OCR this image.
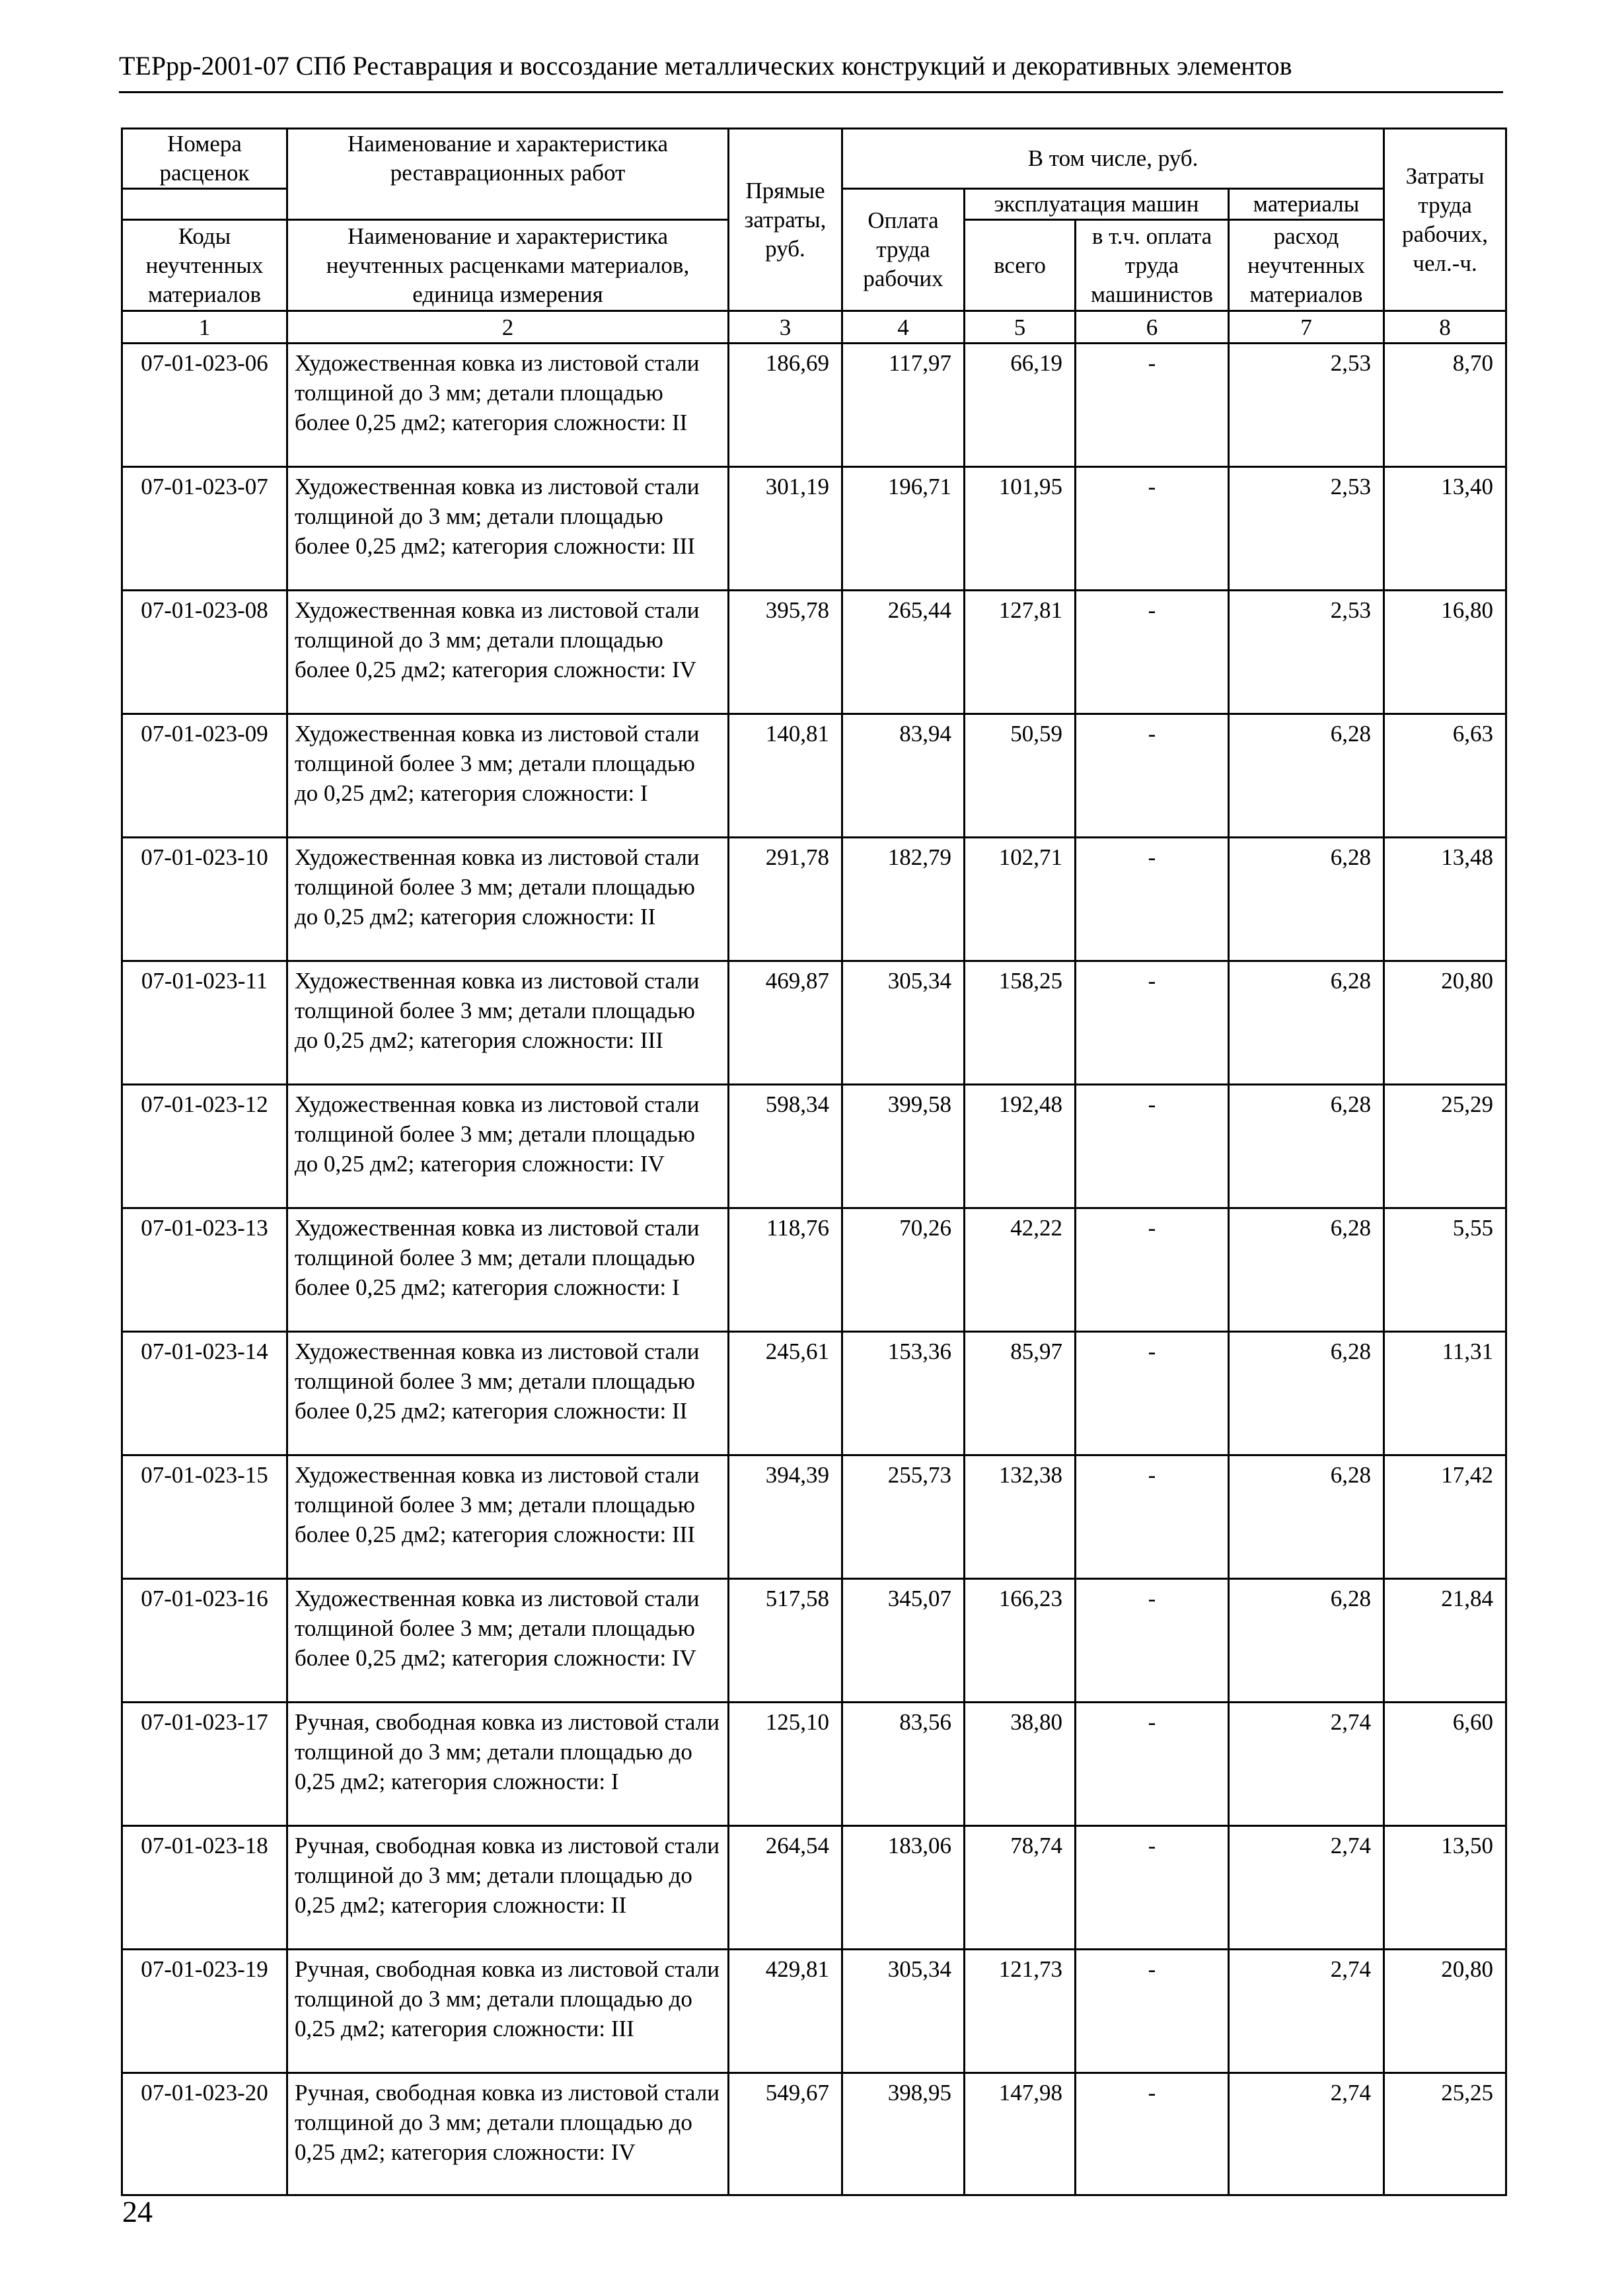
ТЕРрр-2001-07 СПб Реставрация и воссоздание металлических конструкций и декоративных элементов
Номера расценок	Наименование и характеристика реставрационных работ	Прямые затраты, руб.	В том числе, руб.				Затраты труда рабочих, чел.-ч.
			Оплата труда рабочих	эксплуатация машин		материалы	
Коды неучтенных материалов	Наименование и характеристика неучтенных расценками материалов, единица измерения			всего	в т.ч. оплата труда машинистов	расход неучтенных материалов	

1	2	3	4	5	6	7	8
07-01-023-06	Художественная ковка из листовой стали толщиной до 3 мм; детали площадью более 0,25 дм2; категория сложности: II	186,69	117,97	66,19	-	2,53	8,70
07-01-023-07	Художественная ковка из листовой стали толщиной до 3 мм; детали площадью более 0,25 дм2; категория сложности: III	301,19	196,71	101,95	-	2,53	13,40
07-01-023-08	Художественная ковка из листовой стали толщиной до 3 мм; детали площадью более 0,25 дм2; категория сложности: IV	395,78	265,44	127,81	-	2,53	16,80
07-01-023-09	Художественная ковка из листовой стали толщиной более 3 мм; детали площадью до 0,25 дм2; категория сложности: I	140,81	83,94	50,59	-	6,28	6,63
07-01-023-10	Художественная ковка из листовой стали толщиной более 3 мм; детали площадью до 0,25 дм2; категория сложности: II	291,78	182,79	102,71	-	6,28	13,48
07-01-023-11	Художественная ковка из листовой стали толщиной более 3 мм; детали площадью до 0,25 дм2; категория сложности: III	469,87	305,34	158,25	-	6,28	20,80
07-01-023-12	Художественная ковка из листовой стали толщиной более 3 мм; детали площадью до 0,25 дм2; категория сложности: IV	598,34	399,58	192,48	-	6,28	25,29
07-01-023-13	Художественная ковка из листовой стали толщиной более 3 мм; детали площадью более 0,25 дм2; категория сложности: I	118,76	70,26	42,22	-	6,28	5,55
07-01-023-14	Художественная ковка из листовой стали толщиной более 3 мм; детали площадью более 0,25 дм2; категория сложности: II	245,61	153,36	85,97	-	6,28	11,31
07-01-023-15	Художественная ковка из листовой стали толщиной более 3 мм; детали площадью более 0,25 дм2; категория сложности: III	394,39	255,73	132,38	-	6,28	17,42
07-01-023-16	Художественная ковка из листовой стали толщиной более 3 мм; детали площадью более 0,25 дм2; категория сложности: IV	517,58	345,07	166,23	-	6,28	21,84
07-01-023-17	Ручная, свободная ковка из листовой стали толщиной до 3 мм; детали площадью до 0,25 дм2; категория сложности: I	125,10	83,56	38,80	-	2,74	6,60
07-01-023-18	Ручная, свободная ковка из листовой стали толщиной до 3 мм; детали площадью до 0,25 дм2; категория сложности: II	264,54	183,06	78,74	-	2,74	13,50
07-01-023-19	Ручная, свободная ковка из листовой стали толщиной до 3 мм; детали площадью до 0,25 дм2; категория сложности: III	429,81	305,34	121,73	-	2,74	20,80
07-01-023-20	Ручная, свободная ковка из листовой стали толщиной до 3 мм; детали площадью до 0,25 дм2; категория сложности: IV	549,67	398,95	147,98	-	2,74	25,25
24
